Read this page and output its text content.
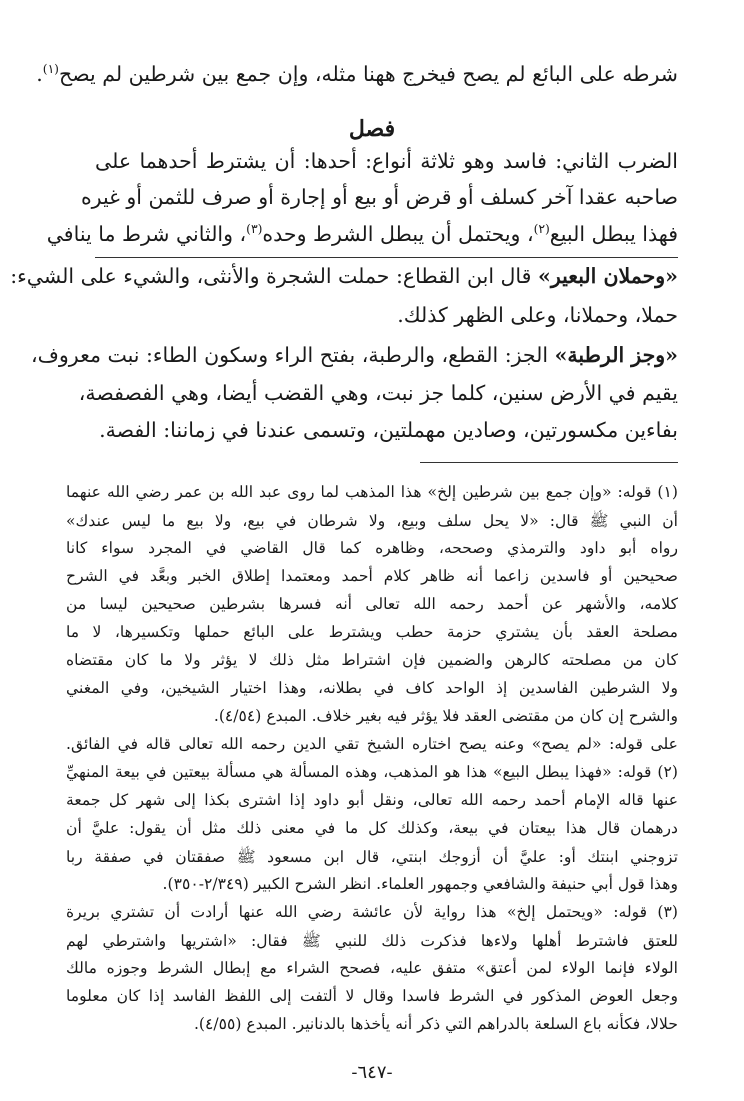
شرطه على البائع لم يصح فيخرج ههنا مثله، وإن جمع بين شرطين لم يصح$^{(١)}$.
فصل
الضرب الثاني: فاسد وهو ثلاثة أنواع: أحدها: أن يشترط أحدهما على
صاحبه عقدا آخر كسلف أو قرض أو بيع أو إجارة أو صرف للثمن أو غيره
فهذا يبطل البيع$^{(٢)}$، ويحتمل أن يبطل الشرط وحده$^{(٣)}$، والثاني شرط ما ينافي
«وحملان البعير» قال ابن القطاع: حملت الشجرة والأنثى، والشيء على الشيء:
حملا، وحملانا، وعلى الظهر كذلك.
«وجز الرطبة» الجز: القطع، والرطبة، بفتح الراء وسكون الطاء: نبت معروف،
يقيم في الأرض سنين، كلما جز نبت، وهي القضب أيضا، وهي الفصفصة،
بفاءين مكسورتين، وصادين مهملتين، وتسمى عندنا في زماننا: الفصة.
(١) قوله: «وإن جمع بين شرطين إلخ» هذا المذهب لما روى عبد الله بن عمر رضي الله عنهما
أن النبي ﷺ قال: «لا يحل سلف وبيع، ولا شرطان في بيع، ولا بيع ما ليس عندك»
رواه أبو داود والترمذي وصححه، وظاهره كما قال القاضي في المجرد سواء كانا
صحيحين أو فاسدين زاعما أنه ظاهر كلام أحمد ومعتمدا إطلاق الخبر وبعَّد في الشرح
كلامه، والأشهر عن أحمد رحمه الله تعالى أنه فسرها بشرطين صحيحين ليسا من
مصلحة العقد بأن يشتري حزمة حطب ويشترط على البائع حملها وتكسيرها، لا ما
كان من مصلحته كالرهن والضمين فإن اشتراط مثل ذلك لا يؤثر ولا ما كان مقتضاه
ولا الشرطين الفاسدين إذ الواحد كاف في بطلانه، وهذا اختيار الشيخين، وفي المغني
والشرح إن كان من مقتضى العقد فلا يؤثر فيه بغير خلاف. المبدع (٤/٥٤).
على قوله: «لم يصح» وعنه يصح اختاره الشيخ تقي الدين رحمه الله تعالى قاله في الفائق.
(٢) قوله: «فهذا يبطل البيع» هذا هو المذهب، وهذه المسألة هي مسألة بيعتين في بيعة المنهيِّ
عنها قاله الإمام أحمد رحمه الله تعالى، ونقل أبو داود إذا اشترى بكذا إلى شهر كل جمعة
درهمان قال هذا بيعتان في بيعة، وكذلك كل ما في معنى ذلك مثل أن يقول: عليَّ أن
تزوجني ابنتك أو: عليَّ أن أزوجك ابنتي، قال ابن مسعود ﷺ صفقتان في صفقة ربا
وهذا قول أبي حنيفة والشافعي وجمهور العلماء. انظر الشرح الكبير (٢/٣٤٩-٣٥٠).
(٣) قوله: «ويحتمل إلخ» هذا رواية لأن عائشة رضي الله عنها أرادت أن تشتري بريرة
للعتق فاشترط أهلها ولاءها فذكرت ذلك للنبي ﷺ فقال: «اشتريها واشترطي لهم
الولاء فإنما الولاء لمن أعتق» متفق عليه، فصحح الشراء مع إبطال الشرط وجوزه مالك
وجعل العوض المذكور في الشرط فاسدا وقال لا ألتفت إلى اللفظ الفاسد إذا كان معلوما
حلالا، فكأنه باع السلعة بالدراهم التي ذكر أنه يأخذها بالدنانير. المبدع (٤/٥٥).
-٦٤٧-
